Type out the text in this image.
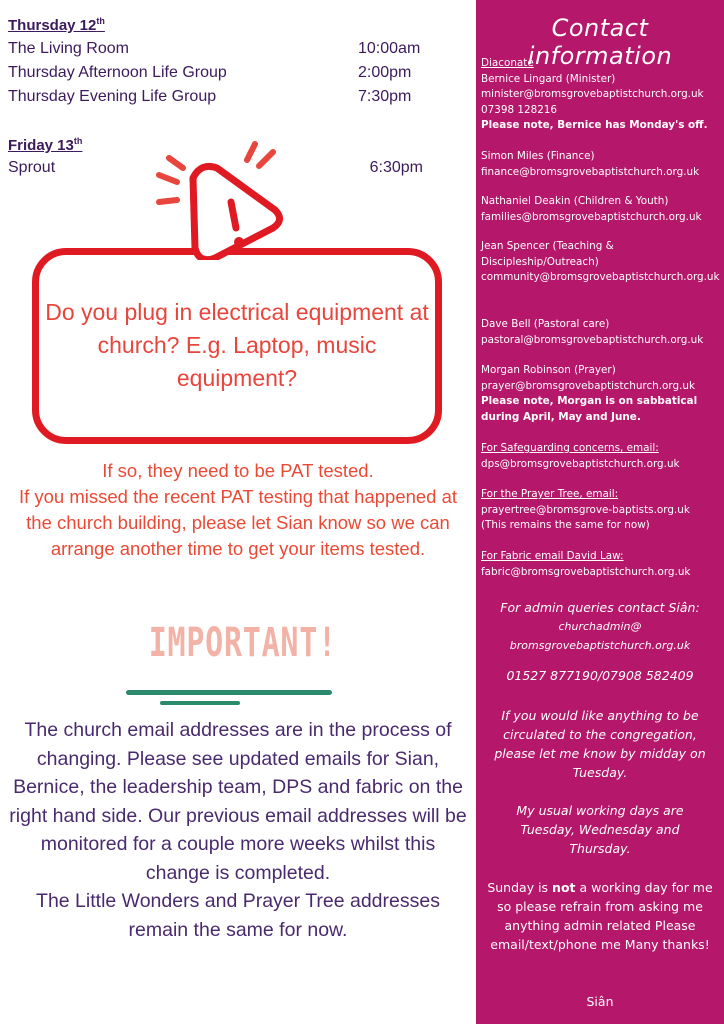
Thursday 12th
The Living Room	10:00am
Thursday Afternoon Life Group	2:00pm
Thursday Evening Life Group	7:30pm
Friday 13th
Sprout	6:30pm
Do you plug in electrical equipment at church? E.g. Laptop, music equipment?
If so, they need to be PAT tested.
If you missed the recent PAT testing that happened at the church building, please let Sian know so we can arrange another time to get your items tested.
IMPORTANT!
The church email addresses are in the process of changing. Please see updated emails for Sian, Bernice, the leadership team, DPS and fabric on the right hand side. Our previous email addresses will be monitored for a couple more weeks whilst this change is completed.
The Little Wonders and Prayer Tree addresses remain the same for now.
Contact information
Diaconate
Bernice Lingard (Minister)
minister@bromsgrovebaptistchurch.org.uk
07398 128216
Please note, Bernice has Monday's off.
Simon Miles (Finance)
finance@bromsgrovebaptistchurch.org.uk
Nathaniel Deakin (Children & Youth)
families@bromsgrovebaptistchurch.org.uk
Jean Spencer (Teaching & Discipleship/Outreach)
community@bromsgrovebaptistchurch.org.uk
Dave Bell (Pastoral care)
pastoral@bromsgrovebaptistchurch.org.uk
Morgan Robinson (Prayer)
prayer@bromsgrovebaptistchurch.org.uk
Please note, Morgan is on sabbatical during April, May and June.
For Safeguarding concerns, email:
dps@bromsgrovebaptistchurch.org.uk
For the Prayer Tree, email:
prayertree@bromsgrove-baptists.org.uk
(This remains the same for now)
For Fabric email David Law:
fabric@bromsgrovebaptistchurch.org.uk
For admin queries contact Siân:
churchadmin@
bromsgrovebaptistchurch.org.uk
01527 877190/07908 582409
If you would like anything to be circulated to the congregation, please let me know by midday on Tuesday.
My usual working days are Tuesday, Wednesday and Thursday.
Sunday is not a working day for me so please refrain from asking me anything admin related Please email/text/phone me Many thanks!
Siân
